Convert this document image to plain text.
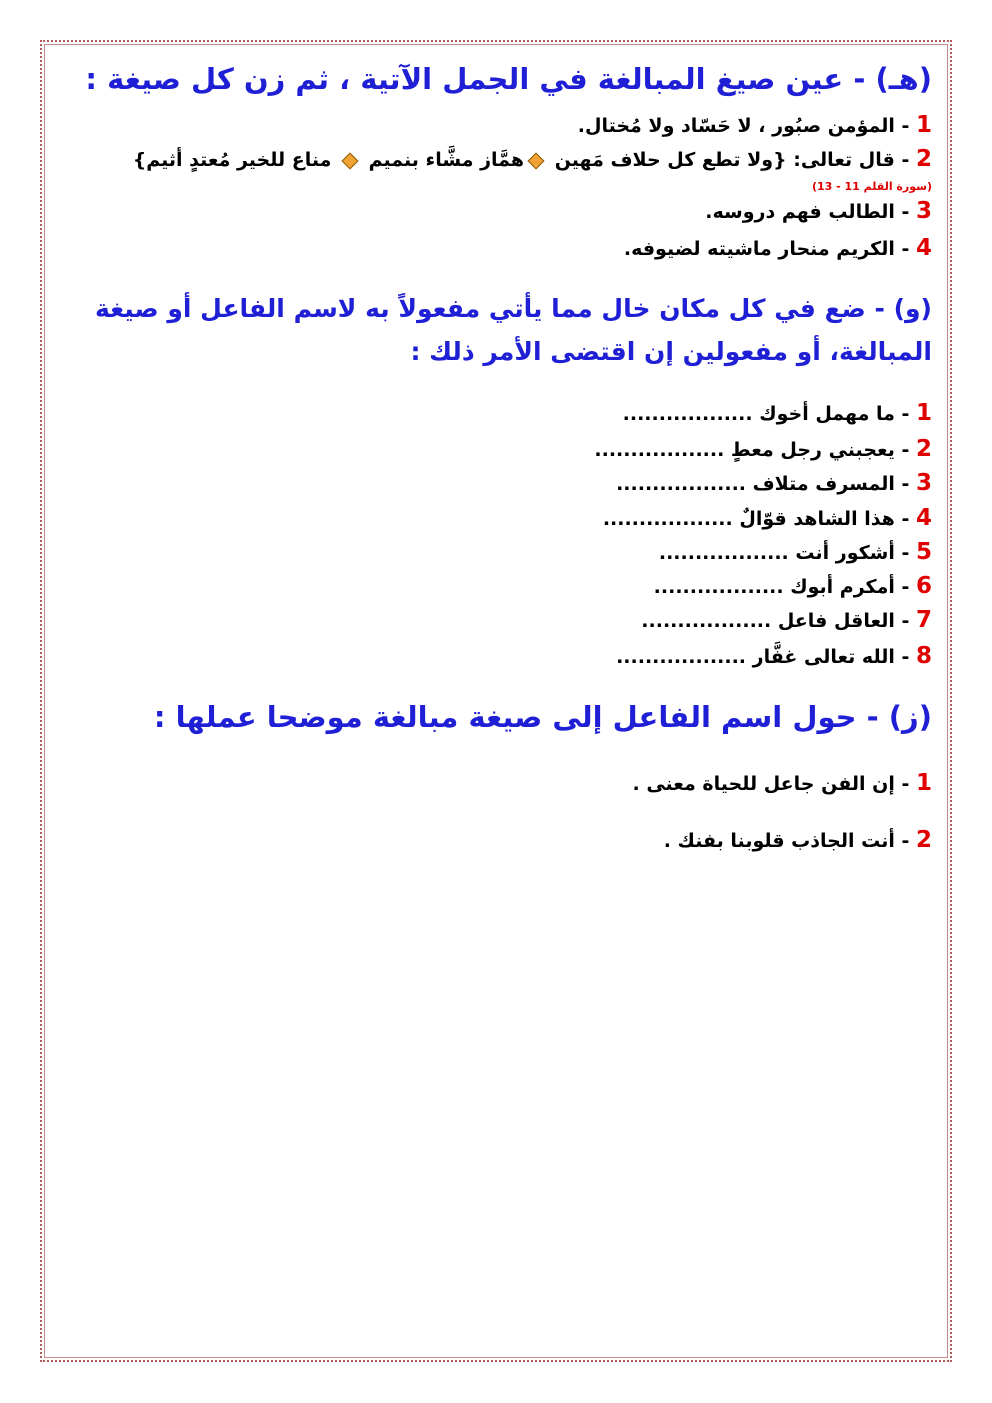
(هـ) - عين صيغ المبالغة في الجمل الآتية ، ثم زن كل صيغة :

1 - المؤمن صبُور ، لا حَسّاد ولا مُختال.

2 - قال تعالى: {ولا تطع كل حلاف مَهين همَّاز مشَّاء بنميم  مناع للخير مُعتدٍ أثيم}

(سورة القلم 11 - 13)

3 - الطالب فهم دروسه.

4 - الكريم منحار ماشيته لضيوفه.

(و) - ضع في كل مكان خال مما يأتي مفعولاً به لاسم الفاعل أو صيغة

المبالغة، أو مفعولين إن اقتضى الأمر ذلك :

1 - ما مهمل أخوك ..................

2 - يعجبني رجل معطٍ ..................

3 - المسرف متلاف ..................

4 - هذا الشاهد قوّالٌ ..................

5 - أشكور أنت ..................

6 - أمكرم أبوك ..................

7 - العاقل فاعل ..................

8 - الله تعالى غفَّار ..................

(ز) - حول اسم الفاعل إلى صيغة مبالغة موضحا عملها :

1 - إن الفن جاعل للحياة معنى .

2 - أنت الجاذب قلوبنا بفنك .
